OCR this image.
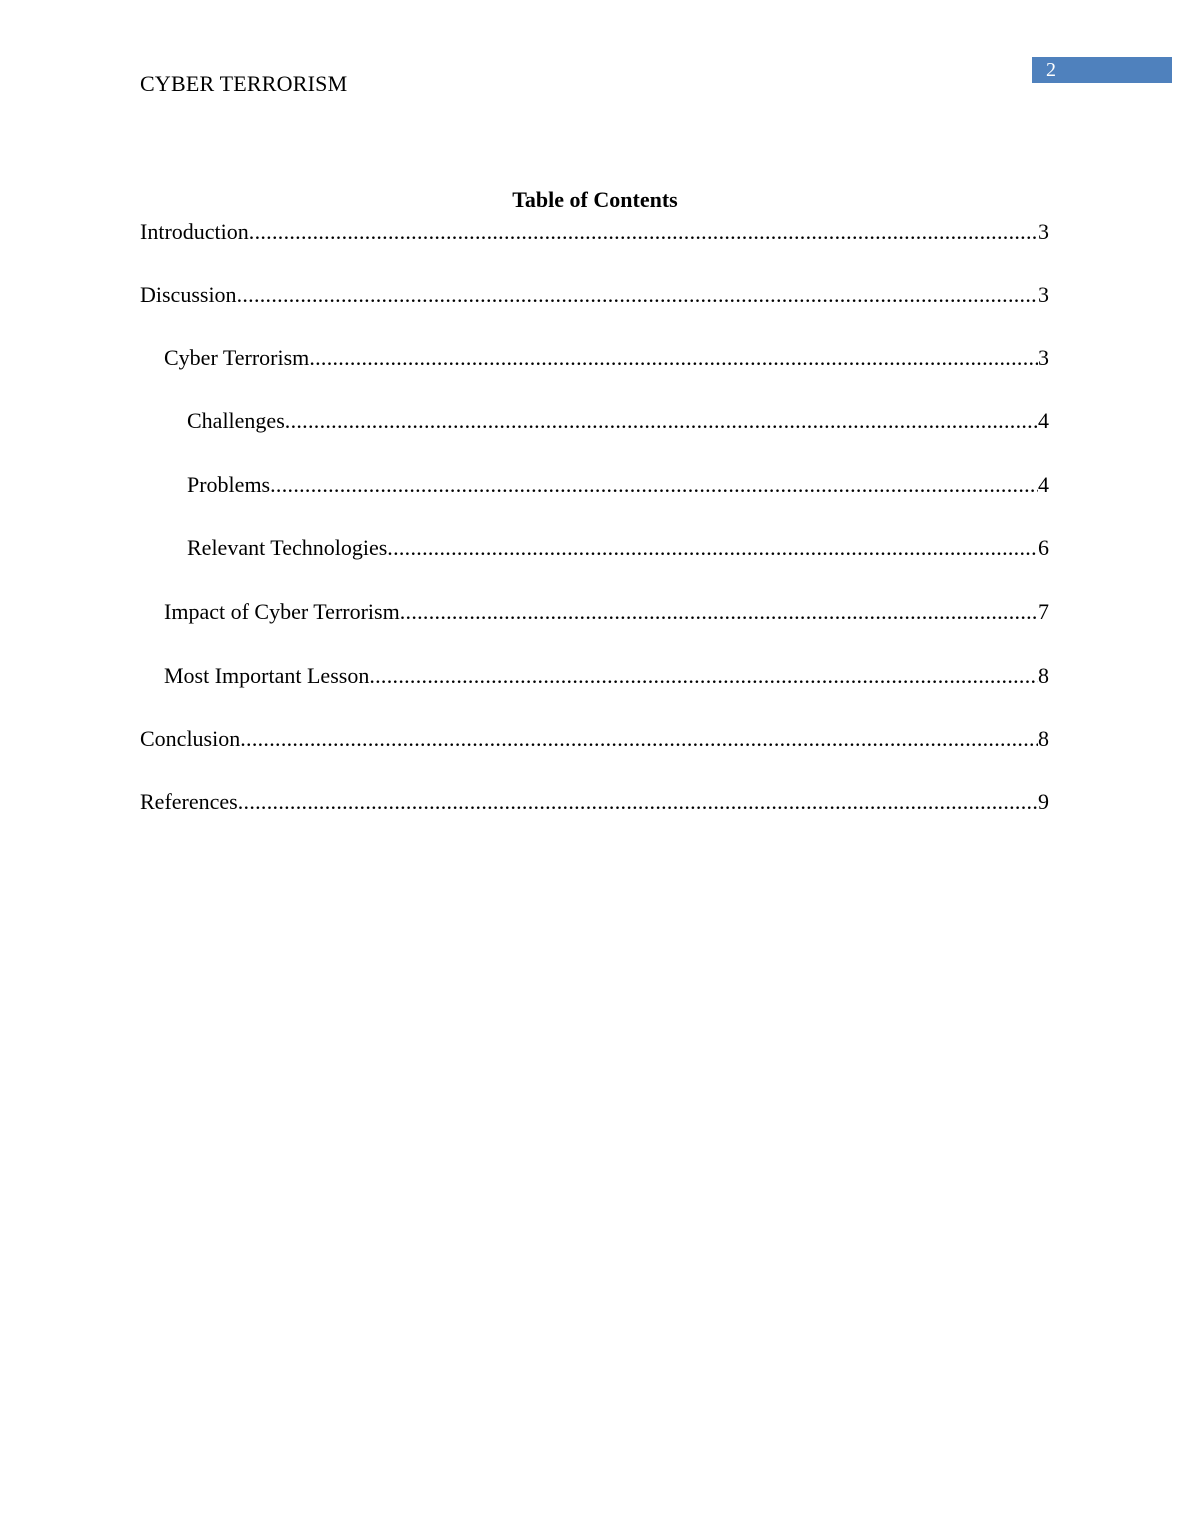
CYBER TERRORISM
2
Table of Contents
Introduction .....	3
Discussion .....	3
Cyber Terrorism .....	3
Challenges .....	4
Problems .....	4
Relevant Technologies .....	6
Impact of Cyber Terrorism .....	7
Most Important Lesson .....	8
Conclusion .....	8
References .....	9
